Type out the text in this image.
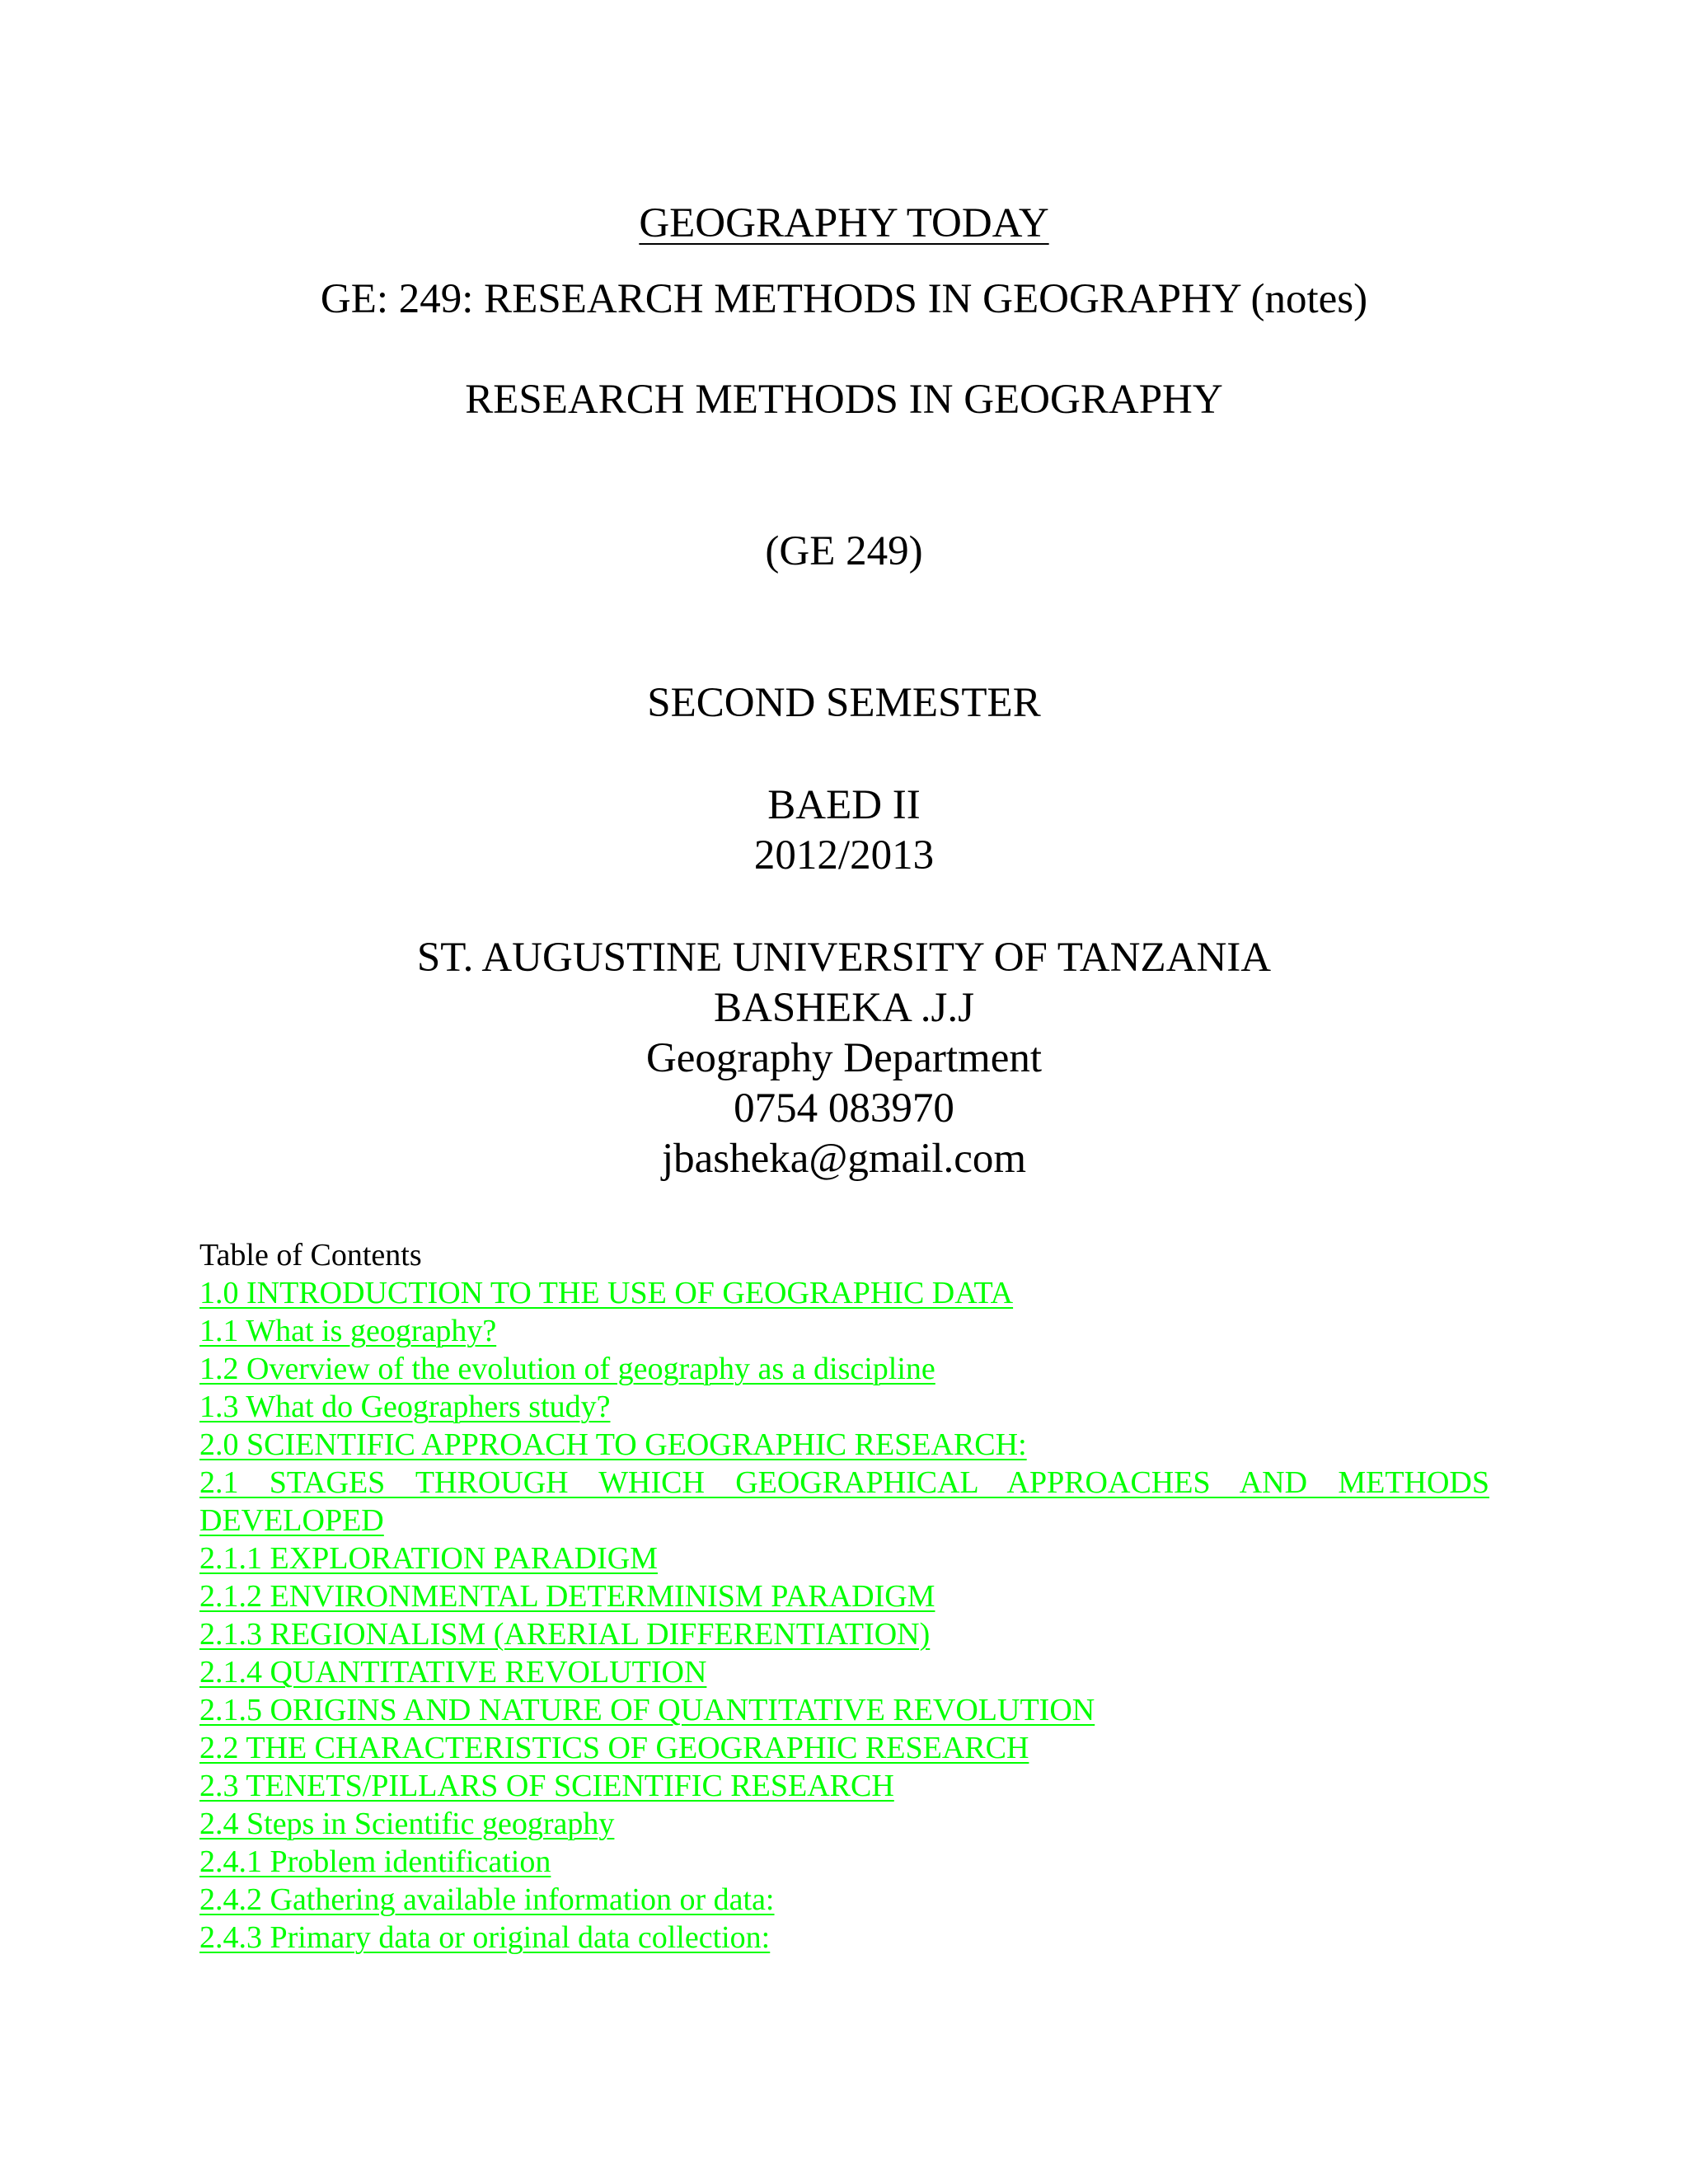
GEOGRAPHY TODAY
GE: 249: RESEARCH METHODS IN GEOGRAPHY (notes)
RESEARCH METHODS IN GEOGRAPHY
(GE 249)
SECOND SEMESTER
BAED II
2012/2013
ST. AUGUSTINE UNIVERSITY OF TANZANIA
BASHEKA .J.J
Geography Department
0754 083970
jbasheka@gmail.com
Table of Contents
1.0 INTRODUCTION TO THE USE OF GEOGRAPHIC DATA
1.1 What is geography?
1.2 Overview of the evolution of geography as a discipline
1.3 What do Geographers study?
2.0 SCIENTIFIC APPROACH TO GEOGRAPHIC RESEARCH:
2.1 STAGES THROUGH WHICH GEOGRAPHICAL APPROACHES AND METHODS DEVELOPED
2.1.1 EXPLORATION PARADIGM
2.1.2 ENVIRONMENTAL DETERMINISM PARADIGM
2.1.3 REGIONALISM (ARERIAL DIFFERENTIATION)
2.1.4 QUANTITATIVE REVOLUTION
2.1.5 ORIGINS AND NATURE OF QUANTITATIVE REVOLUTION
2.2 THE CHARACTERISTICS OF GEOGRAPHIC RESEARCH
2.3 TENETS/PILLARS OF SCIENTIFIC RESEARCH
2.4 Steps in Scientific geography
2.4.1 Problem identification
2.4.2 Gathering available information or data:
2.4.3 Primary data or original data collection:
